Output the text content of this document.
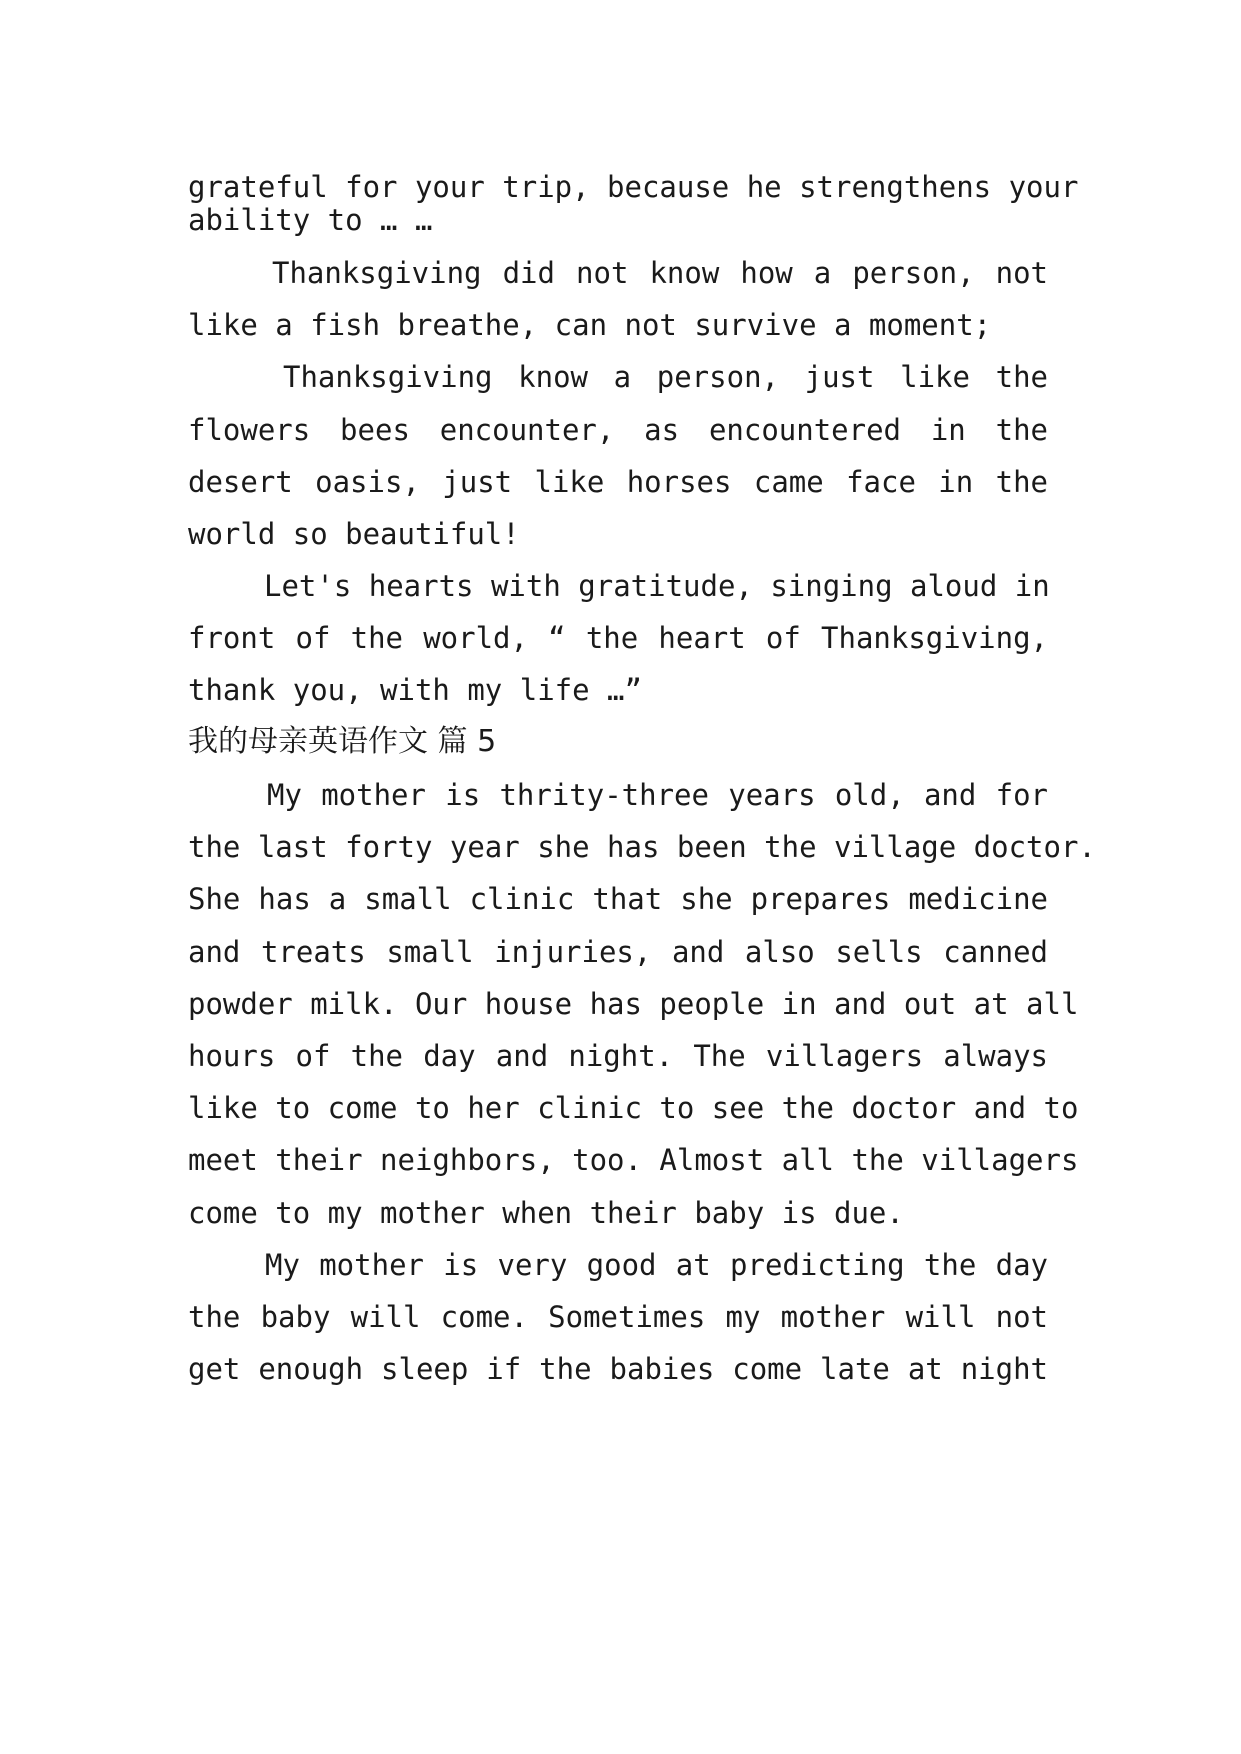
grateful for your trip, because he strengthens your
ability to … …
Thanksgiving did not know how a person, not
like a fish breathe, can not survive a moment;
Thanksgiving know a person, just like the
flowers bees encounter, as encountered in the
desert oasis, just like horses came face in the
world so beautiful!
Let's hearts with gratitude, singing aloud in
front of the world, “ the heart of Thanksgiving,
thank you, with my life …”
我的母亲英语作文 篇 5
My mother is thrity-three years old, and for
the last forty year she has been the village doctor.
She has a small clinic that she prepares medicine
and treats small injuries, and also sells canned
powder milk. Our house has people in and out at all
hours of the day and night. The villagers always
like to come to her clinic to see the doctor and to
meet their neighbors, too. Almost all the villagers
come to my mother when their baby is due.
My mother is very good at predicting the day
the baby will come. Sometimes my mother will not
get enough sleep if the babies come late at night
